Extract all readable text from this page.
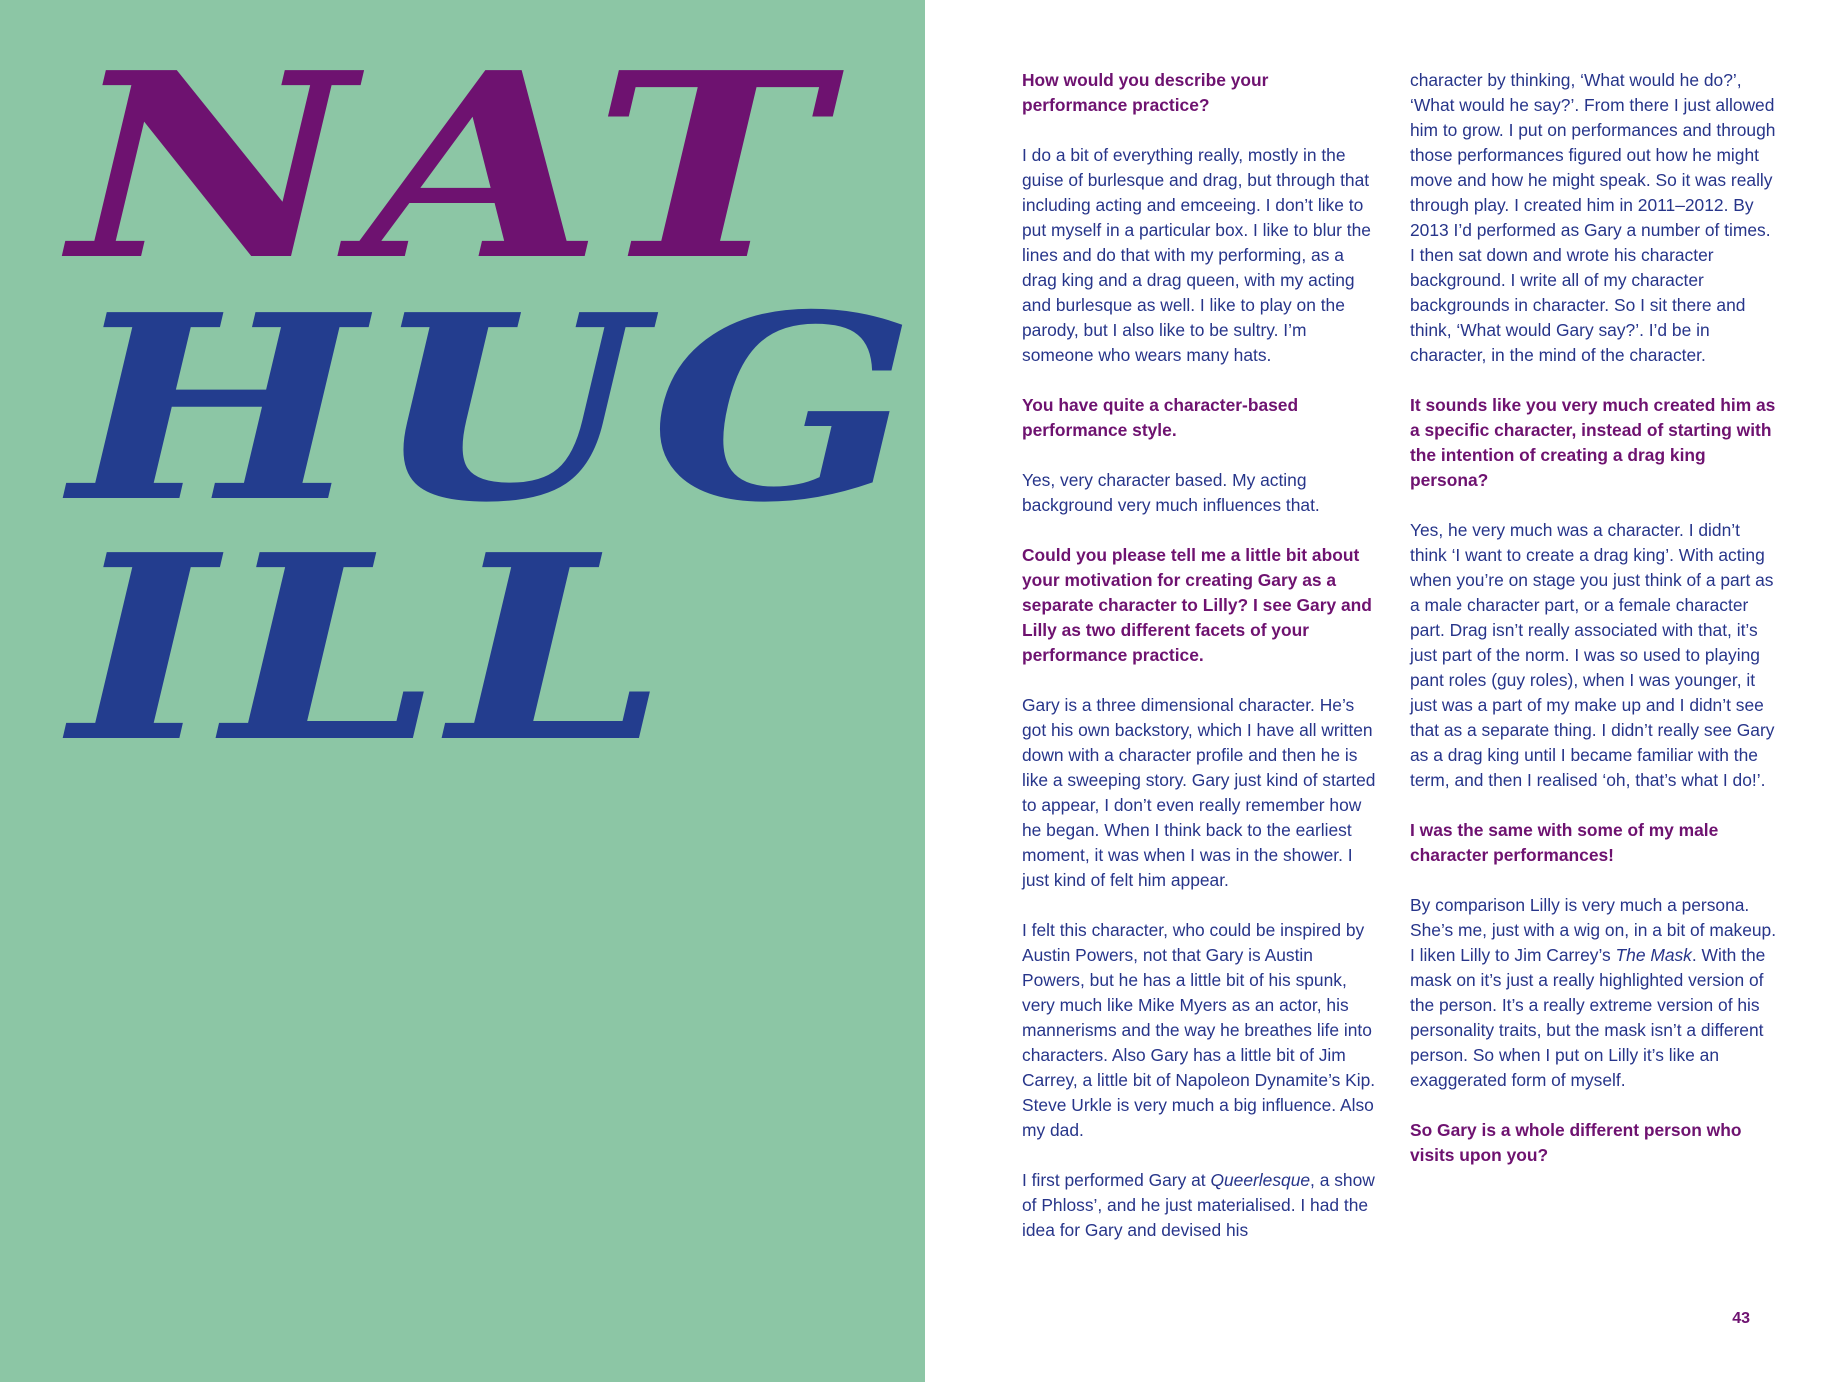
NAT
HUG
ILL

How would you describe your performance practice?

I do a bit of everything really, mostly in the guise of burlesque and drag, but through that including acting and emceeing. I don’t like to put myself in a particular box. I like to blur the lines and do that with my performing, as a drag king and a drag queen, with my acting and burlesque as well. I like to play on the parody, but I also like to be sultry. I’m someone who wears many hats.

You have quite a character-based performance style.

Yes, very character based. My acting background very much influences that.

Could you please tell me a little bit about your motivation for creating Gary as a separate character to Lilly? I see Gary and Lilly as two different facets of your performance practice.

Gary is a three dimensional character. He’s got his own backstory, which I have all written down with a character profile and then he is like a sweeping story. Gary just kind of started to appear, I don’t even really remember how he began. When I think back to the earliest moment, it was when I was in the shower. I just kind of felt him appear.

I felt this character, who could be inspired by Austin Powers, not that Gary is Austin Powers, but he has a little bit of his spunk, very much like Mike Myers as an actor, his mannerisms and the way he breathes life into characters. Also Gary has a little bit of Jim Carrey, a little bit of Napoleon Dynamite’s Kip. Steve Urkle is very much a big influence. Also my dad.

I first performed Gary at Queerlesque, a show of Phloss’, and he just materialised. I had the idea for Gary and devised his

character by thinking, ‘What would he do?’, ‘What would he say?’. From there I just allowed him to grow. I put on performances and through those performances figured out how he might move and how he might speak. So it was really through play. I created him in 2011–2012. By 2013 I’d performed as Gary a number of times. I then sat down and wrote his character background. I write all of my character backgrounds in character. So I sit there and think, ‘What would Gary say?’. I’d be in character, in the mind of the character.

It sounds like you very much created him as a specific character, instead of starting with the intention of creating a drag king persona?

Yes, he very much was a character. I didn’t think ‘I want to create a drag king’. With acting when you’re on stage you just think of a part as a male character part, or a female character part. Drag isn’t really associated with that, it’s just part of the norm. I was so used to playing pant roles (guy roles), when I was younger, it just was a part of my make up and I didn’t see that as a separate thing. I didn’t really see Gary as a drag king until I became familiar with the term, and then I realised ‘oh, that’s what I do!’.

I was the same with some of my male character performances!

By comparison Lilly is very much a persona. She’s me, just with a wig on, in a bit of makeup. I liken Lilly to Jim Carrey’s The Mask. With the mask on it’s just a really highlighted version of the person. It’s a really extreme version of his personality traits, but the mask isn’t a different person. So when I put on Lilly it’s like an exaggerated form of myself.

So Gary is a whole different person who visits upon you?

43
